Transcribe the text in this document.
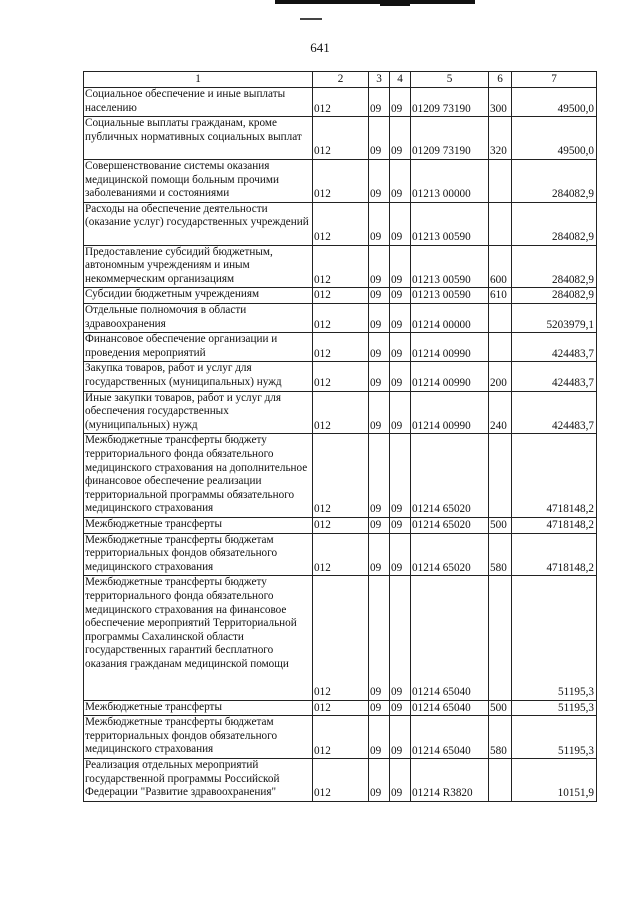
641
1	2	3	4	5	6	7
Социальное обеспечение и иные выплаты населению	012	09	09	01209 73190	300	49500,0
Социальные выплаты гражданам, кроме публичных нормативных социальных выплат	012	09	09	01209 73190	320	49500,0
Совершенствование системы оказания медицинской помощи больным прочими заболеваниями и состояниями	012	09	09	01213 00000		284082,9
Расходы на обеспечение деятельности (оказание услуг) государственных учреждений	012	09	09	01213 00590		284082,9
Предоставление субсидий бюджетным, автономным учреждениям и иным некоммерческим организациям	012	09	09	01213 00590	600	284082,9
Субсидии бюджетным учреждениям	012	09	09	01213 00590	610	284082,9
Отдельные полномочия в области здравоохранения	012	09	09	01214 00000		5203979,1
Финансовое обеспечение организации и проведения мероприятий	012	09	09	01214 00990		424483,7
Закупка товаров, работ и услуг для государственных (муниципальных) нужд	012	09	09	01214 00990	200	424483,7
Иные закупки товаров, работ и услуг для обеспечения государственных (муниципальных) нужд	012	09	09	01214 00990	240	424483,7
Межбюджетные трансферты бюджету территориального фонда обязательного медицинского страхования на дополнительное финансовое обеспечение реализации территориальной программы обязательного медицинского страхования	012	09	09	01214 65020		4718148,2
Межбюджетные трансферты	012	09	09	01214 65020	500	4718148,2
Межбюджетные трансферты бюджетам территориальных фондов обязательного медицинского страхования	012	09	09	01214 65020	580	4718148,2
Межбюджетные трансферты бюджету территориального фонда обязательного медицинского страхования на финансовое обеспечение мероприятий Территориальной программы Сахалинской области государственных гарантий бесплатного оказания гражданам медицинской помощи	012	09	09	01214 65040		51195,3
Межбюджетные трансферты	012	09	09	01214 65040	500	51195,3
Межбюджетные трансферты бюджетам территориальных фондов обязательного медицинского страхования	012	09	09	01214 65040	580	51195,3
Реализация отдельных мероприятий государственной программы Российской Федерации "Развитие здравоохранения"	012	09	09	01214 R3820		10151,9
